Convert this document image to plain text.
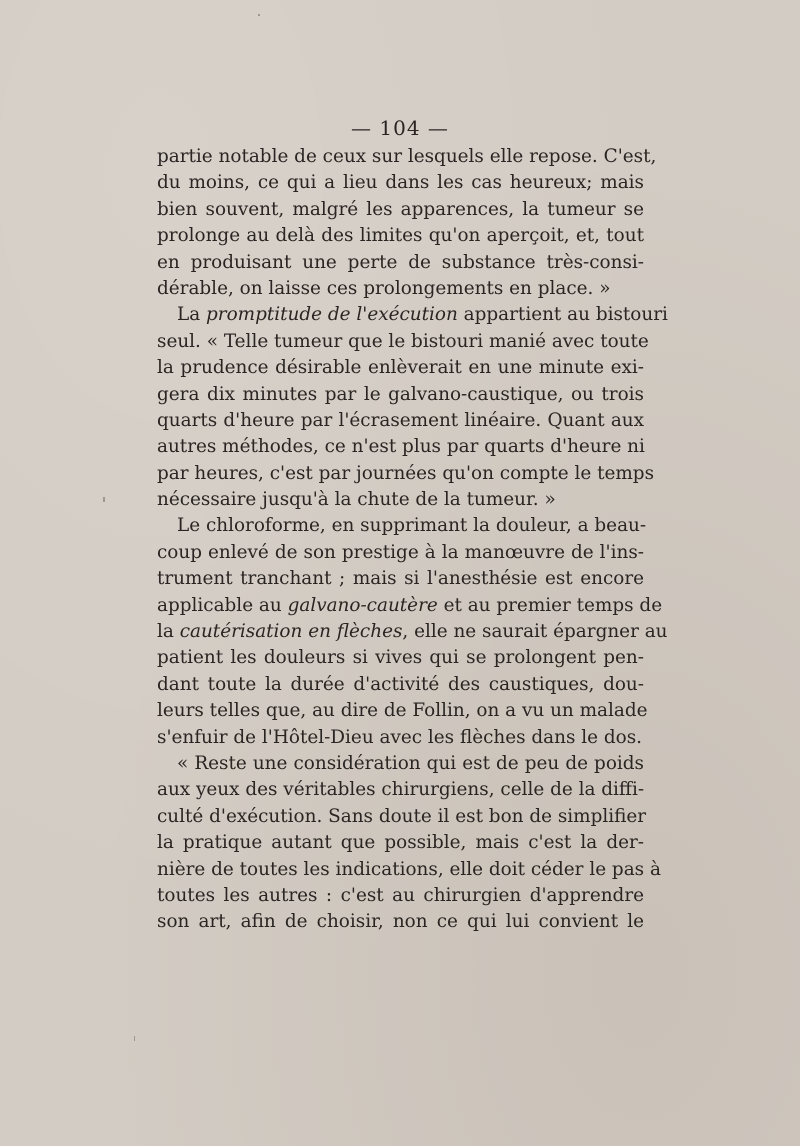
— 104 —
partie notable de ceux sur lesquels elle repose. C'est,
du moins, ce qui a lieu dans les cas heureux; mais
bien souvent, malgré les apparences, la tumeur se
prolonge au delà des limites qu'on aperçoit, et, tout
en produisant une perte de substance très-consi-
dérable, on laisse ces prolongements en place. »
La promptitude de l'exécution appartient au bistouri
seul. « Telle tumeur que le bistouri manié avec toute
la prudence désirable enlèverait en une minute exi-
gera dix minutes par le galvano-caustique, ou trois
quarts d'heure par l'écrasement linéaire. Quant aux
autres méthodes, ce n'est plus par quarts d'heure ni
par heures, c'est par journées qu'on compte le temps
nécessaire jusqu'à la chute de la tumeur. »
Le chloroforme, en supprimant la douleur, a beau-
coup enlevé de son prestige à la manœuvre de l'ins-
trument tranchant ; mais si l'anesthésie est encore
applicable au galvano-cautère et au premier temps de
la cautérisation en flèches, elle ne saurait épargner au
patient les douleurs si vives qui se prolongent pen-
dant toute la durée d'activité des caustiques, dou-
leurs telles que, au dire de Follin, on a vu un malade
s'enfuir de l'Hôtel-Dieu avec les flèches dans le dos.
« Reste une considération qui est de peu de poids
aux yeux des véritables chirurgiens, celle de la diffi-
culté d'exécution. Sans doute il est bon de simplifier
la pratique autant que possible, mais c'est la der-
nière de toutes les indications, elle doit céder le pas à
toutes les autres : c'est au chirurgien d'apprendre
son art, afin de choisir, non ce qui lui convient le
